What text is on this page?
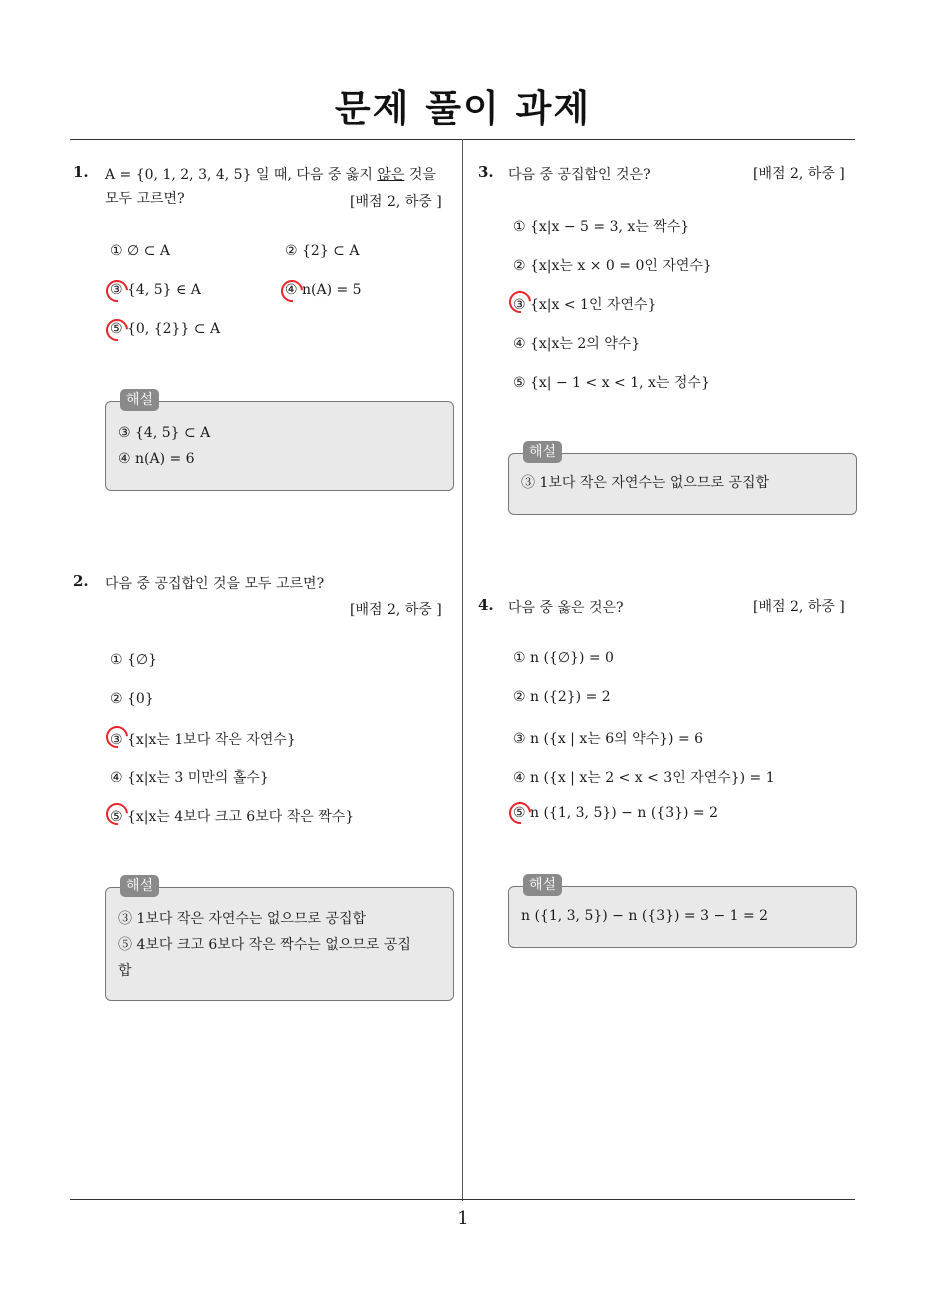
문제 풀이 과제
1
1. A = {0, 1, 2, 3, 4, 5} 일 때, 다음 중 옳지 않은 것을
모두 고르면?	[배점 2, 하중 ]
① ∅ ⊂ A	② {2} ⊂ A
③ {4, 5} ∈ A	④ n(A) = 5
⑤ {0, {2}} ⊂ A
해설
③ {4, 5} ⊂ A
④ n(A) = 6
2. 다음 중 공집합인 것을 모두 고르면?
[배점 2, 하중 ]
① {∅}
② {0}
③ {x|x는 1보다 작은 자연수}
④ {x|x는 3 미만의 홀수}
⑤ {x|x는 4보다 크고 6보다 작은 짝수}
해설
③ 1보다 작은 자연수는 없으므로 공집합
⑤ 4보다 크고 6보다 작은 짝수는 없으므로 공집
합
3. 다음 중 공집합인 것은?	[배점 2, 하중 ]
① {x|x − 5 = 3, x는 짝수}
② {x|x는 x × 0 = 0인 자연수}
③ {x|x < 1인 자연수}
④ {x|x는 2의 약수}
⑤ {x| − 1 < x < 1, x는 정수}
해설
③ 1보다 작은 자연수는 없으므로 공집합
4. 다음 중 옳은 것은?	[배점 2, 하중 ]
① n ({∅}) = 0
② n ({2}) = 2
③ n ({x | x는 6의 약수}) = 6
④ n ({x | x는 2 < x < 3인 자연수}) = 1
⑤ n ({1, 3, 5}) − n ({3}) = 2
해설
n ({1, 3, 5}) − n ({3}) = 3 − 1 = 2
